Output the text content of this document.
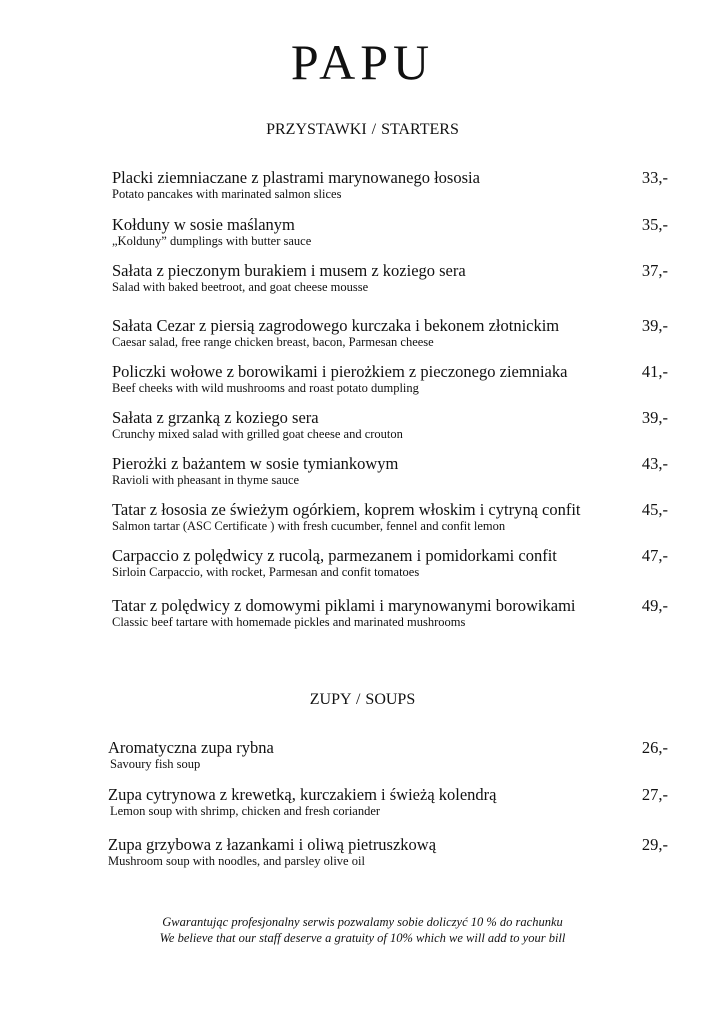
PAPU
PRZYSTAWKI / STARTERS
Placki ziemniaczane z plastrami marynowanego łososia
Potato pancakes with marinated salmon slices
33,-
Kołduny w sosie maślanym
„Kolduny” dumplings with butter sauce
35,-
Sałata z pieczonym burakiem i musem z koziego sera
Salad with baked beetroot, and goat cheese mousse
37,-
Sałata Cezar z piersią zagrodowego kurczaka i bekonem złotnickim
Caesar salad, free range chicken breast, bacon, Parmesan cheese
39,-
Policzki wołowe z borowikami i pierożkiem z pieczonego ziemniaka
Beef cheeks with wild mushrooms and roast potato dumpling
41,-
Sałata z grzanką z koziego sera
Crunchy mixed salad with grilled goat cheese and crouton
39,-
Pierożki z bażantem w sosie tymiankowym
Ravioli with pheasant in thyme sauce
43,-
Tatar z łososia ze świeżym ogórkiem, koprem włoskim i cytryną confit
Salmon tartar (ASC Certificate ) with fresh cucumber, fennel and confit lemon
45,-
Carpaccio z polędwicy z rucolą, parmezanem i pomidorkami confit
Sirloin Carpaccio, with rocket, Parmesan and confit tomatoes
47,-
Tatar z polędwicy z domowymi piklami i marynowanymi borowikami
Classic beef tartare with homemade pickles and marinated mushrooms
49,-
ZUPY / SOUPS
Aromatyczna zupa rybna
Savoury fish soup
26,-
Zupa cytrynowa z krewetką, kurczakiem i świeżą kolendrą
Lemon soup with shrimp, chicken and fresh coriander
27,-
Zupa grzybowa z łazankami i oliwą pietruszkową
Mushroom soup with noodles, and parsley olive oil
29,-
Gwarantując profesjonalny serwis pozwalamy sobie doliczyć 10 % do rachunku
We believe that our staff deserve a gratuity of 10% which we will add to your bill
